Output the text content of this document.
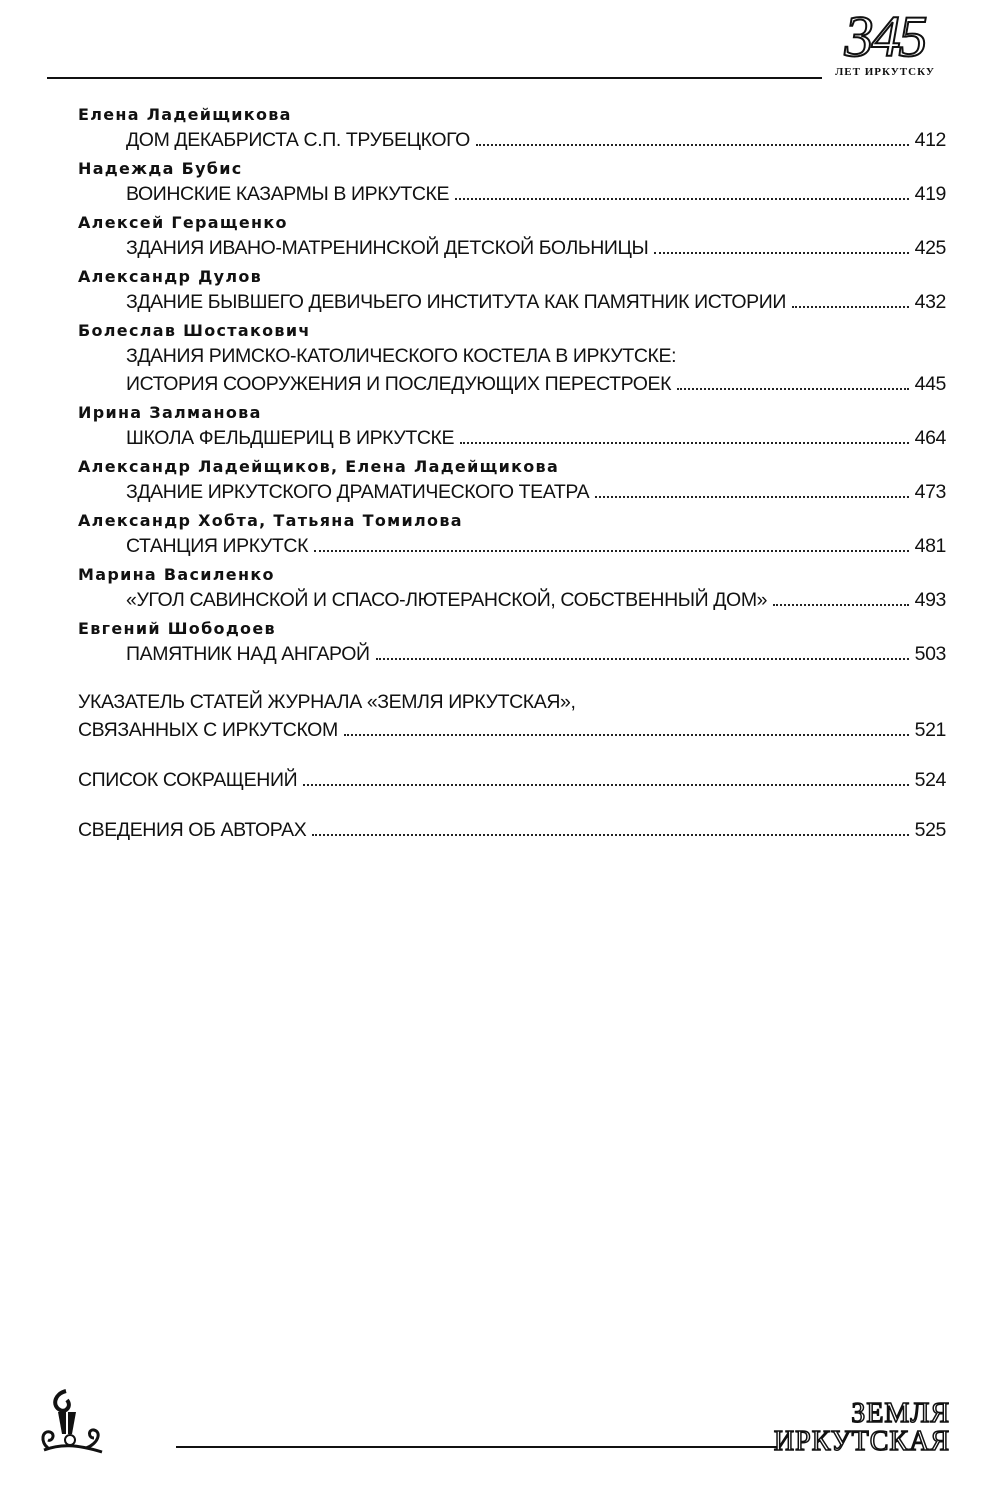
345
ЛЕТ ИРКУТСКУ
Елена Ладейщикова
ДОМ ДЕКАБРИСТА С.П. ТРУБЕЦКОГО	412
Надежда Бубис
ВОИНСКИЕ КАЗАРМЫ В ИРКУТСКЕ	419
Алексей Геращенко
ЗДАНИЯ ИВАНО-МАТРЕНИНСКОЙ ДЕТСКОЙ БОЛЬНИЦЫ	425
Александр Дулов
ЗДАНИЕ БЫВШЕГО ДЕВИЧЬЕГО ИНСТИТУТА КАК ПАМЯТНИК ИСТОРИИ	432
Болеслав Шостакович
ЗДАНИЯ РИМСКО-КАТОЛИЧЕСКОГО КОСТЕЛА В ИРКУТСКЕ:
ИСТОРИЯ СООРУЖЕНИЯ И ПОСЛЕДУЮЩИХ ПЕРЕСТРОЕК	445
Ирина Залманова
ШКОЛА ФЕЛЬДШЕРИЦ В ИРКУТСКЕ	464
Александр Ладейщиков, Елена Ладейщикова
ЗДАНИЕ ИРКУТСКОГО ДРАМАТИЧЕСКОГО ТЕАТРА	473
Александр Хобта, Татьяна Томилова
СТАНЦИЯ ИРКУТСК	481
Марина Василенко
«УГОЛ САВИНСКОЙ И СПАСО-ЛЮТЕРАНСКОЙ, СОБСТВЕННЫЙ ДОМ»	493
Евгений Шободоев
ПАМЯТНИК НАД АНГАРОЙ	503
УКАЗАТЕЛЬ СТАТЕЙ ЖУРНАЛА «ЗЕМЛЯ ИРКУТСКАЯ»,
СВЯЗАННЫХ С ИРКУТСКОМ	521
СПИСОК СОКРАЩЕНИЙ	524
СВЕДЕНИЯ ОБ АВТОРАХ	525
ЗЕМЛЯ
ИРКУТСКАЯ
